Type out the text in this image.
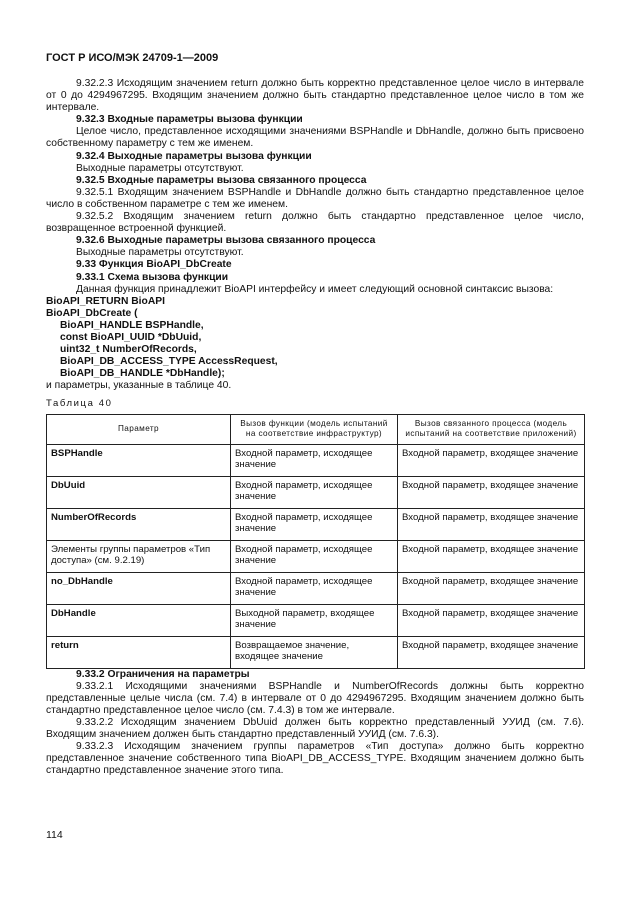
ГОСТ Р ИСО/МЭК 24709-1—2009

9.32.2.3 Исходящим значением return должно быть корректно представленное целое число в интервале от 0 до 4294967295. Входящим значением должно быть стандартно представленное целое число в том же интервале.

9.32.3 Входные параметры вызова функции

Целое число, представленное исходящими значениями BSPHandle и DbHandle, должно быть присвоено собственному параметру с тем же именем.

9.32.4 Выходные параметры вызова функции

Выходные параметры отсутствуют.

9.32.5 Входные параметры вызова связанного процесса

9.32.5.1 Входящим значением BSPHandle и DbHandle должно быть стандартно представленное целое число в собственном параметре с тем же именем.

9.32.5.2 Входящим значением return должно быть стандартно представленное целое число, возвращенное встроенной функцией.

9.32.6 Выходные параметры вызова связанного процесса

Выходные параметры отсутствуют.

9.33 Функция BioAPI_DbCreate

9.33.1 Схема вызова функции

Данная функция принадлежит BioAPI интерфейсу и имеет следующий основной синтаксис вызова:

BioAPI_RETURN BioAPI

BioAPI_DbCreate (

BioAPI_HANDLE BSPHandle,

const BioAPI_UUID *DbUuid,

uint32_t NumberOfRecords,

BioAPI_DB_ACCESS_TYPE AccessRequest,

BioAPI_DB_HANDLE *DbHandle);

и параметры, указанные в таблице 40.

Таблица 40
Параметр	Вызов функции (модель испытаний на соответствие инфраструктур)	Вызов связанного процесса (модель испытаний на соответствие приложений)
BSPHandle	Входной параметр, исходящее значение	Входной параметр, входящее значение
DbUuid	Входной параметр, исходящее значение	Входной параметр, входящее значение
NumberOfRecords	Входной параметр, исходящее значение	Входной параметр, входящее значение
Элементы группы параметров «Тип доступа» (см. 9.2.19)	Входной параметр, исходящее значение	Входной параметр, входящее значение
no_DbHandle	Входной параметр, исходящее значение	Входной параметр, входящее значение
DbHandle	Выходной параметр, входящее значение	Входной параметр, входящее значение
return	Возвращаемое значение, входящее значение	Входной параметр, входящее значение

9.33.2 Ограничения на параметры

9.33.2.1 Исходящими значениями BSPHandle и NumberOfRecords должны быть корректно представленные целые числа (см. 7.4) в интервале от 0 до 4294967295. Входящим значением должно быть стандартно представленное целое число (см. 7.4.3) в том же интервале.

9.33.2.2 Исходящим значением DbUuid должен быть корректно представленный УУИД (см. 7.6). Входящим значением должен быть стандартно представленный УУИД (см. 7.6.3).

9.33.2.3 Исходящим значением группы параметров «Тип доступа» должно быть корректно представленное значение собственного типа BioAPI_DB_ACCESS_TYPE. Входящим значением должно быть стандартно представленное значение этого типа.

114
